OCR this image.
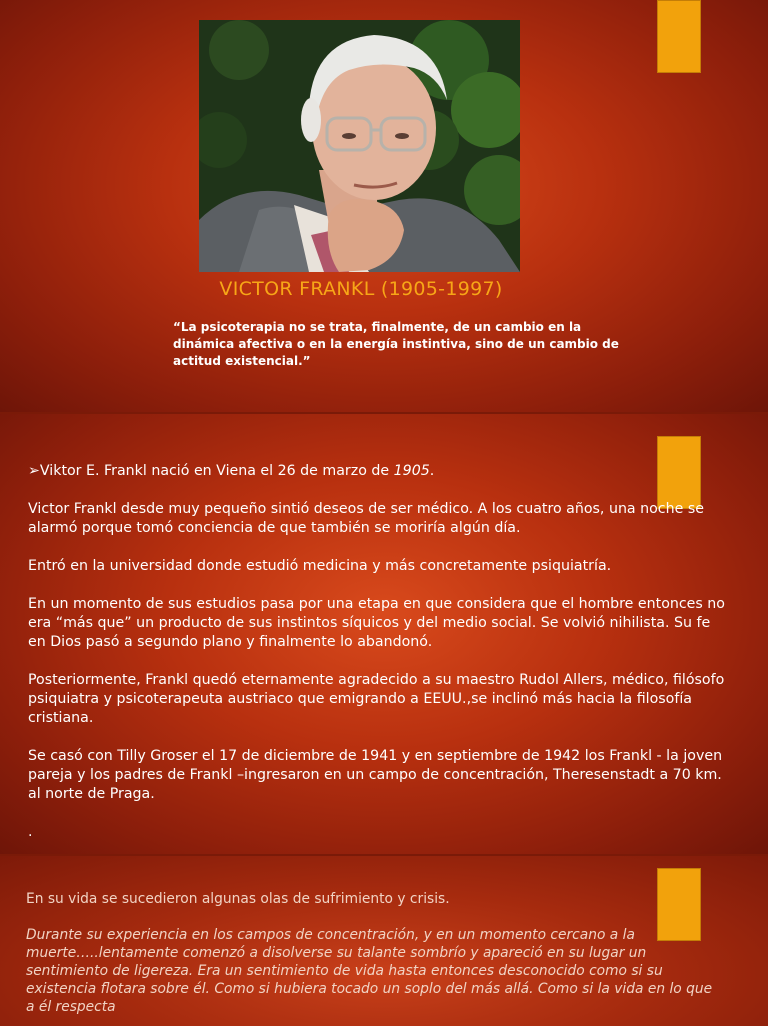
VICTOR FRANKL (1905-1997)
“La psicoterapia no se trata, finalmente, de un cambio en la dinámica afectiva o en la energía instintiva, sino de un cambio de actitud existencial.”

➢Viktor E. Frankl nació en Viena el 26 de marzo de 1905.

Victor Frankl desde muy pequeño sintió deseos de ser médico. A los cuatro años, una noche se alarmó porque tomó conciencia de que también se moriría algún día.

Entró en la universidad donde estudió medicina y más concretamente psiquiatría.

En un momento de sus estudios pasa por una etapa en que considera que el hombre entonces no era “más que” un producto de sus instintos síquicos y del medio social. Se volvió nihilista. Su fe en Dios pasó a segundo plano y finalmente lo abandonó.

Posteriormente, Frankl quedó eternamente agradecido a su maestro Rudol Allers, médico, filósofo psiquiatra y psicoterapeuta austriaco que emigrando a EEUU.,se inclinó más hacia la filosofía cristiana.

Se casó con Tilly Groser el 17 de diciembre de 1941 y en septiembre de 1942 los Frankl - la joven pareja y los padres de Frankl –ingresaron en un campo de concentración, Theresenstadt a 70 km. al norte de Praga.

.

En su vida se sucedieron algunas olas de sufrimiento y crisis.

Durante su experiencia en los campos de concentración, y en un momento cercano a la muerte…..lentamente comenzó a disolverse su talante sombrío y apareció en su lugar un sentimiento de ligereza. Era un sentimiento de vida hasta entonces desconocido como si su existencia flotara sobre él. Como si hubiera tocado un soplo del más allá. Como si la vida en lo que a él respecta
